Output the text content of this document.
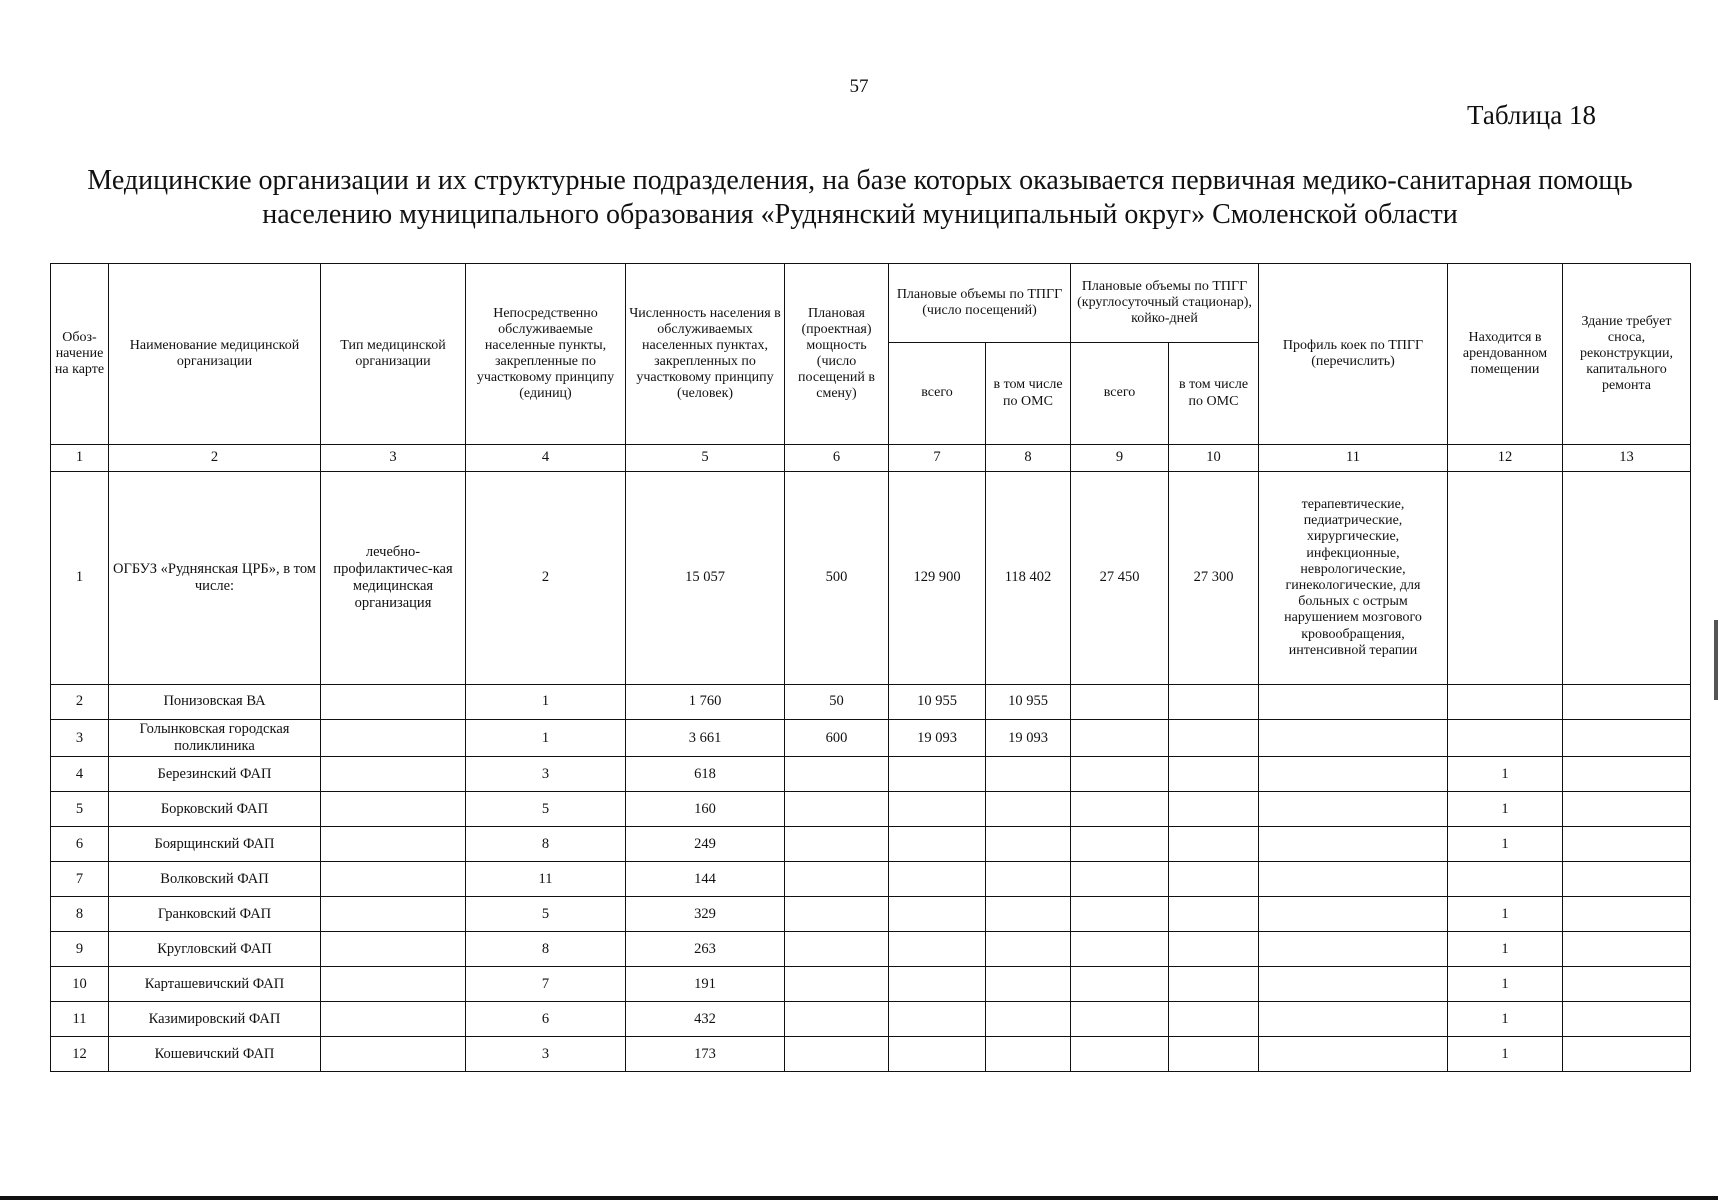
57
Таблица 18
Медицинские организации и их структурные подразделения, на базе которых оказывается первичная медико-санитарная помощь
населению муниципального образования «Руднянский муниципальный округ» Смоленской области
Обоз-начение на карте	Наименование медицинской организации	Тип медицинской организации	Непосредственно обслуживаемые населенные пункты, закрепленные по участковому принципу (единиц)	Численность населения в обслуживаемых населенных пунктах, закрепленных по участковому принципу (человек)	Плановая (проектная) мощность (число посещений в смену)	Плановые объемы по ТПГГ (число посещений)		Плановые объемы по ТПГГ (круглосуточный стационар), койко-дней		Профиль коек по ТПГГ (перечислить)	Находится в арендованном помещении	Здание требует сноса, реконструкции, капитального ремонта
						всего	в том числе по ОМС	всего	в том числе по ОМС			
1	2	3	4	5	6	7	8	9	10	11	12	13
1	ОГБУЗ «Руднянская ЦРБ», в том числе:	лечебно-профилактичес-кая медицинская организация	2	15 057	500	129 900	118 402	27 450	27 300	терапевтические, педиатрические, хирургические, инфекционные, неврологические, гинекологические, для больных с острым нарушением мозгового кровообращения, интенсивной терапии		
2	Понизовская ВА		1	1 760	50	10 955	10 955					
3	Голынковская городская поликлиника		1	3 661	600	19 093	19 093					
4	Березинский ФАП		3	618							1	
5	Борковский ФАП		5	160							1	
6	Боярщинский ФАП		8	249							1	
7	Волковский ФАП		11	144								
8	Гранковский ФАП		5	329							1	
9	Кругловский ФАП		8	263							1	
10	Карташевичский ФАП		7	191							1	
11	Казимировский ФАП		6	432							1	
12	Кошевичский ФАП		3	173							1	
